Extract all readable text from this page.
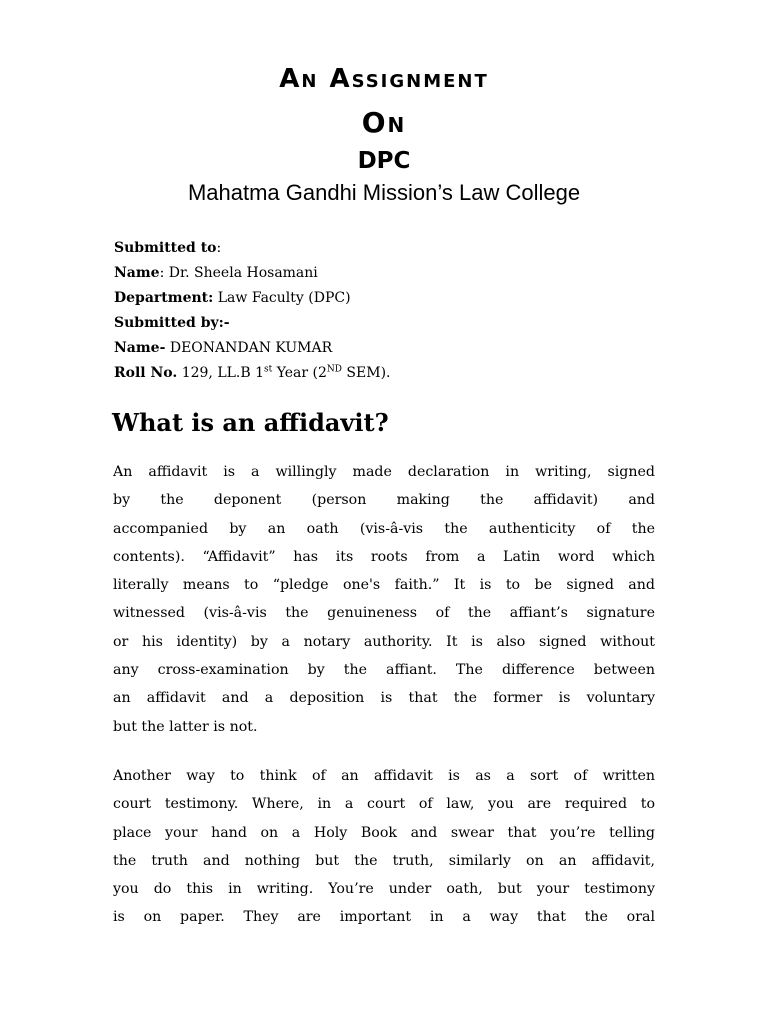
An Assignment
On
DPC
Mahatma Gandhi Mission’s Law College
Submitted to:
Name: Dr. Sheela Hosamani
Department: Law Faculty (DPC)
Submitted by:-
Name- DEONANDAN KUMAR
Roll No. 129, LL.B 1st Year (2ND SEM).
What is an affidavit?
An affidavit is a willingly made declaration in writing, signed
by the deponent (person making the affidavit) and
accompanied by an oath (vis-â-vis the authenticity of the
contents). “Affidavit” has its roots from a Latin word which
literally means to “pledge one's faith.” It is to be signed and
witnessed (vis-â-vis the genuineness of the affiant’s signature
or his identity) by a notary authority. It is also signed without
any cross-examination by the affiant. The difference between
an affidavit and a deposition is that the former is voluntary
but the latter is not.
Another way to think of an affidavit is as a sort of written
court testimony. Where, in a court of law, you are required to
place your hand on a Holy Book and swear that you’re telling
the truth and nothing but the truth, similarly on an affidavit,
you do this in writing. You’re under oath, but your testimony
is on paper. They are important in a way that the oral
